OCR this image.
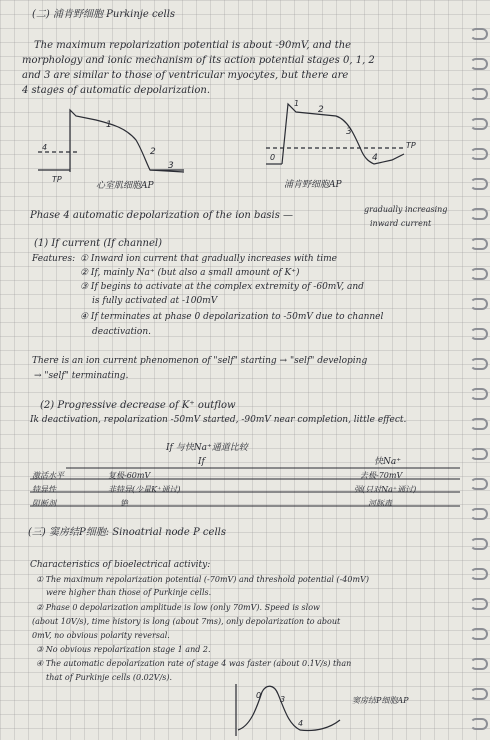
(二) 浦肯野细胞 Purkinje cells
The maximum repolarization potential is about -90mV, and the
morphology and ionic mechanism of its action potential stages 0, 1, 2
and 3 are similar to those of ventricular myocytes, but there are
4 stages of automatic depolarization.
1
2
3
4
TP
0
1
2
3
4
TP
心室肌细胞AP	浦肯野细胞AP
Phase 4 automatic depolarization of the ion basis —
gradually increasing
inward current
(1) If current (If channel)
Features: ① Inward ion current that gradually increases with time
② If, mainly Na⁺ (but also a small amount of K⁺)
③ If begins to activate at the complex extremity of -60mV, and
is fully activated at -100mV
④ If terminates at phase 0 depolarization to -50mV due to channel
deactivation.
There is an ion current phenomenon of "self" starting → "self" developing
→ "self" terminating.
(2) Progressive decrease of K⁺ outflow
Ik deactivation, repolarization -50mV started, -90mV near completion, little effect.
If 与快Na⁺通道比较
If	快Na⁺
激活水平	复极-60mV	去极-70mV
特异性	非特异(少量K⁺通过)	强(只对Na⁺通过)
阻断剂	铯	河豚毒
(三) 窦房结P细胞: Sinoatrial node P cells
Characteristics of bioelectrical activity:
① The maximum repolarization potential (-70mV) and threshold potential (-40mV)
were higher than those of Purkinje cells.
② Phase 0 depolarization amplitude is low (only 70mV). Speed is slow
(about 10V/s), time history is long (about 7ms), only depolarization to about
0mV, no obvious polarity reversal.
③ No obvious repolarization stage 1 and 2.
④ The automatic depolarization rate of stage 4 was faster (about 0.1V/s) than
that of Purkinje cells (0.02V/s).
0 3
4
窦房结P细胞AP
